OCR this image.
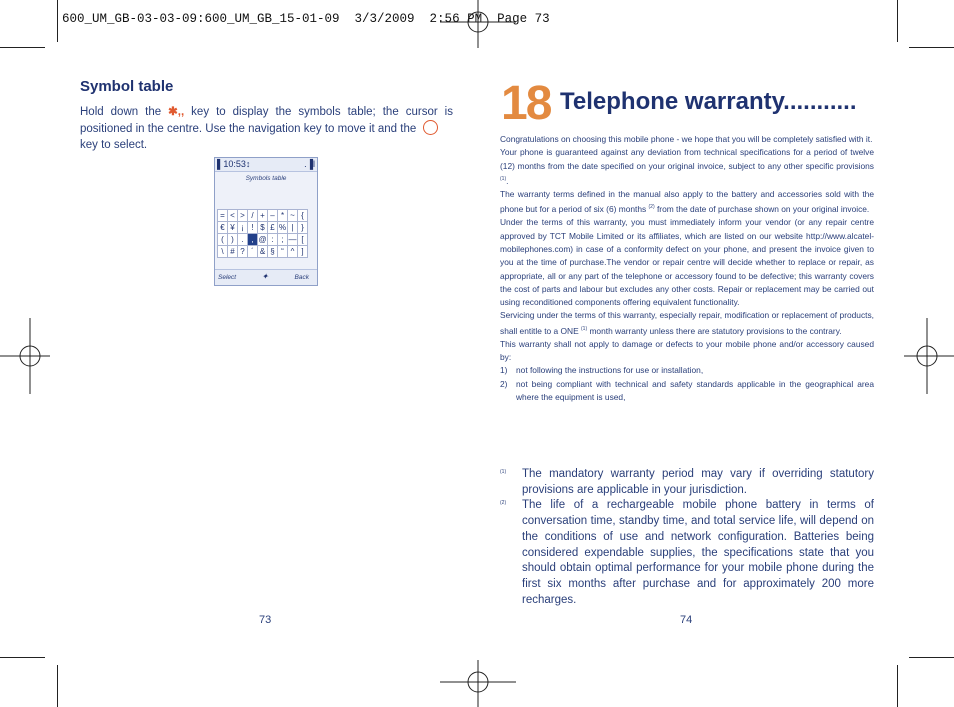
600_UM_GB-03-03-09:600_UM_GB_15-01-09  3/3/2009  2:56 PM  Page 73
Symbol table
Hold down the ✱,, key to display the symbols table; the cursor is positioned in the centre. Use the navigation key to move it and the
key to select.
▌10:53↕	.▐l
Symbols table
=	<	>	/	+	–	*	~	{
€	¥	¡	!	$	£	%	|	}
(	)	.	,	@	:	;	—	[
\	#	?	´	&	§	“	^	]
Select	✦	Back
73
18 Telephone warranty...........

Congratulations on choosing this mobile phone - we hope that you will be completely satisfied with it.

Your phone is guaranteed against any deviation from technical specifications for a period of twelve (12) months from the date specified on your original invoice, subject to any other specific provisions $^{(1)}$.

The warranty terms defined in the manual also apply to the battery and accessories sold with the phone but for a period of six (6) months $^{(2)}$ from the date of purchase shown on your original invoice.

Under the terms of this warranty, you must immediately inform your vendor (or any repair centre approved by TCT Mobile Limited or its affiliates, which are listed on our website http://www.alcatel-mobilephones.com) in case of a conformity defect on your phone, and present the invoice given to you at the time of purchase.The vendor or repair centre will decide whether to replace or repair, as appropriate, all or any part of the telephone or accessory found to be defective; this warranty covers the cost of parts and labour but excludes any other costs. Repair or replacement may be carried out using reconditioned components offering equivalent functionality.

Servicing under the terms of this warranty, especially repair, modification or replacement of products, shall entitle to a ONE $^{(1)}$ month warranty unless there are statutory provisions to the contrary.

This warranty shall not apply to damage or defects to your mobile phone and/or accessory caused by:

1)	not following the instructions for use or installation,
2)	not being compliant with technical and safety standards applicable in the geographical area where the equipment is used,
(1)	The mandatory warranty period may vary if overriding statutory provisions are applicable in your jurisdiction.
(2)	The life of a rechargeable mobile phone battery in terms of conversation time, standby time, and total service life, will depend on the conditions of use and network configuration. Batteries being considered expendable supplies, the specifications state that you should obtain optimal performance for your mobile phone during the first six months after purchase and for approximately 200 more recharges.
74
